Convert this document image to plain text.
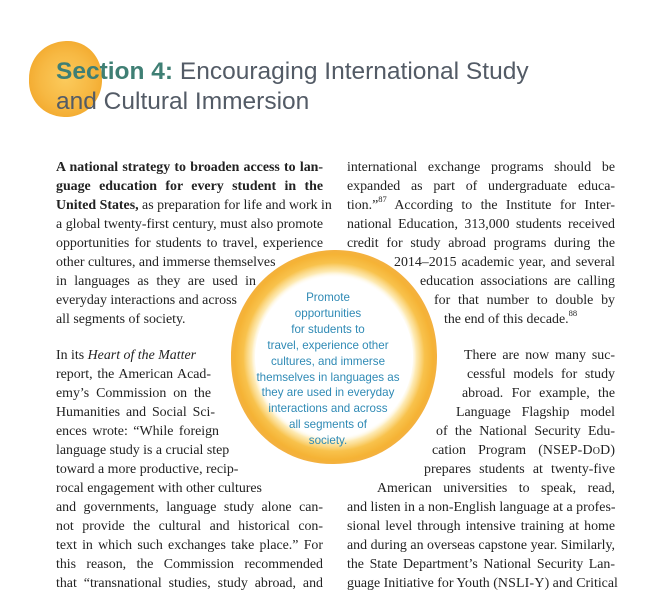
Section 4: Encouraging International Study
and Cultural Immersion
A national strategy to broaden access to lan-
guage education for every student in the
United States, as preparation for life and work in
a global twenty-first century, must also promote
opportunities for students to travel, experience
other cultures, and immerse themselves
in languages as they are used in
everyday interactions and across
all segments of society.
In its Heart of the Matter
report, the American Acad-
emy’s Commission on the
Humanities and Social Sci-
ences wrote: “While foreign
language study is a crucial step
toward a more productive, recip-
rocal engagement with other cultures
and governments, language study alone can-
not provide the cultural and historical con-
text in which such exchanges take place.” For
this reason, the Commission recommended
that “transnational studies, study abroad, and
international exchange programs should be
expanded as part of undergraduate educa-
tion.”$^{87}$ According to the Institute for Inter-
national Education, 313,000 students received
credit for study abroad programs during the
2014–2015 academic year, and several
education associations are calling
for that number to double by
the end of this decade.$^{88}$
There are now many suc-
cessful models for study
abroad. For example, the
Language Flagship model
of the National Security Edu-
cation Program (NSEP-DoD)
prepares students at twenty-five
American universities to speak, read,
and listen in a non-English language at a profes-
sional level through intensive training at home
and during an overseas capstone year. Similarly,
the State Department’s National Security Lan-
guage Initiative for Youth (NSLI-Y) and Critical
Promote
opportunities
for students to
travel, experience other
cultures, and immerse
themselves in languages as
they are used in everyday
interactions and across
all segments of
society.
